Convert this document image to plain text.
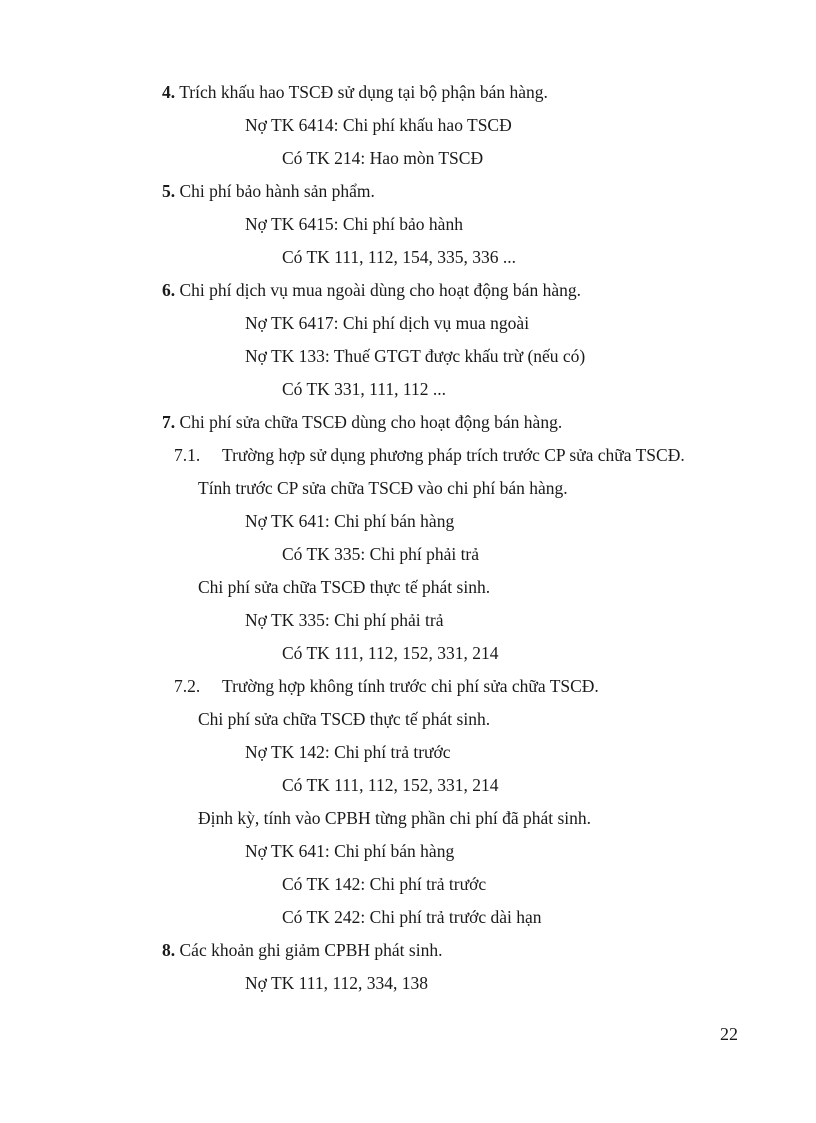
4. Trích khấu hao TSCĐ sử dụng tại bộ phận bán hàng.
Nợ TK 6414: Chi phí khấu hao TSCĐ
Có TK 214: Hao mòn TSCĐ
5. Chi phí bảo hành sản phẩm.
Nợ TK 6415: Chi phí bảo hành
Có TK 111, 112, 154, 335, 336 ...
6. Chi phí dịch vụ mua ngoài dùng cho hoạt động bán hàng.
Nợ TK 6417: Chi phí dịch vụ mua ngoài
Nợ TK 133: Thuế GTGT được khấu trừ (nếu có)
Có TK 331, 111, 112 ...
7. Chi phí sửa chữa TSCĐ dùng cho hoạt động bán hàng.
7.1. Trường hợp sử dụng phương pháp trích trước CP sửa chữa TSCĐ.
Tính trước CP sửa chữa TSCĐ vào chi phí bán hàng.
Nợ TK 641: Chi phí bán hàng
Có TK 335: Chi phí phải trả
Chi phí sửa chữa TSCĐ thực tế phát sinh.
Nợ TK 335: Chi phí phải trả
Có TK 111, 112, 152, 331, 214
7.2. Trường hợp không tính trước chi phí sửa chữa TSCĐ.
Chi phí sửa chữa TSCĐ thực tế phát sinh.
Nợ TK 142: Chi phí trả trước
Có TK 111, 112, 152, 331, 214
Định kỳ, tính vào CPBH từng phần chi phí đã phát sinh.
Nợ TK 641: Chi phí bán hàng
Có TK 142: Chi phí trả trước
Có TK 242: Chi phí trả trước dài hạn
8. Các khoản ghi giảm CPBH phát sinh.
Nợ TK 111, 112, 334, 138
22
